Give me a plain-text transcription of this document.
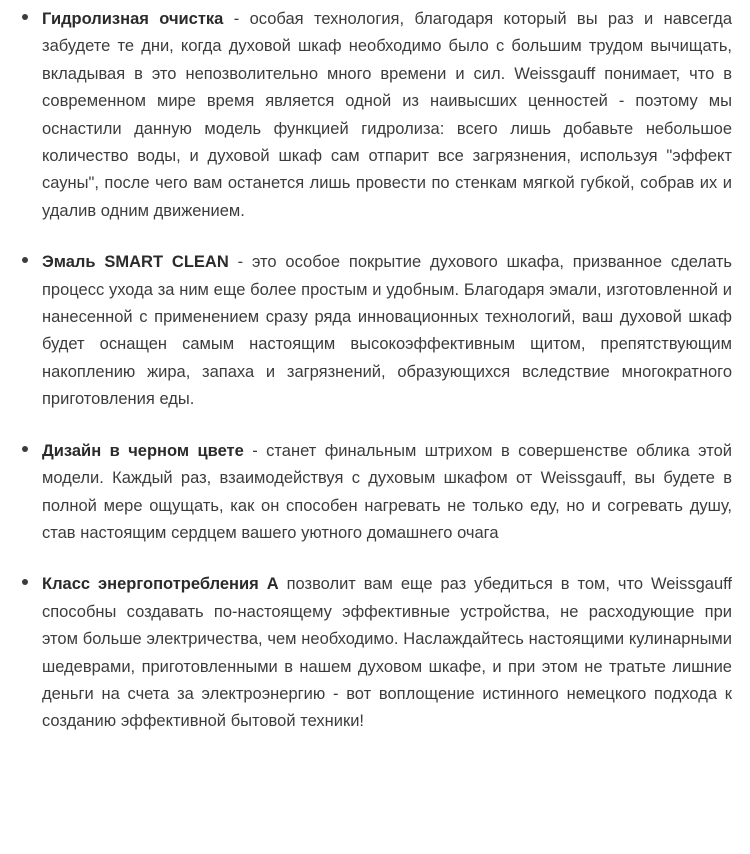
Гидролизная очистка - особая технология, благодаря который вы раз и навсегда забудете те дни, когда духовой шкаф необходимо было с большим трудом вычищать, вкладывая в это непозволительно много времени и сил. Weissgauff понимает, что в современном мире время является одной из наивысших ценностей - поэтому мы оснастили данную модель функцией гидролиза: всего лишь добавьте небольшое количество воды, и духовой шкаф сам отпарит все загрязнения, используя "эффект сауны", после чего вам останется лишь провести по стенкам мягкой губкой, собрав их и удалив одним движением.
Эмаль SMART CLEAN - это особое покрытие духового шкафа, призванное сделать процесс ухода за ним еще более простым и удобным. Благодаря эмали, изготовленной и нанесенной с применением сразу ряда инновационных технологий, ваш духовой шкаф будет оснащен самым настоящим высокоэффективным щитом, препятствующим накоплению жира, запаха и загрязнений, образующихся вследствие многократного приготовления еды.
Дизайн в черном цвете - станет финальным штрихом в совершенстве облика этой модели. Каждый раз, взаимодействуя с духовым шкафом от Weissgauff, вы будете в полной мере ощущать, как он способен нагревать не только еду, но и согревать душу, став настоящим сердцем вашего уютного домашнего очага
Класс энергопотребления А позволит вам еще раз убедиться в том, что Weissgauff способны создавать по-настоящему эффективные устройства, не расходующие при этом больше электричества, чем необходимо. Наслаждайтесь настоящими кулинарными шедеврами, приготовленными в нашем духовом шкафе, и при этом не тратьте лишние деньги на счета за электроэнергию - вот воплощение истинного немецкого подхода к созданию эффективной бытовой техники!
